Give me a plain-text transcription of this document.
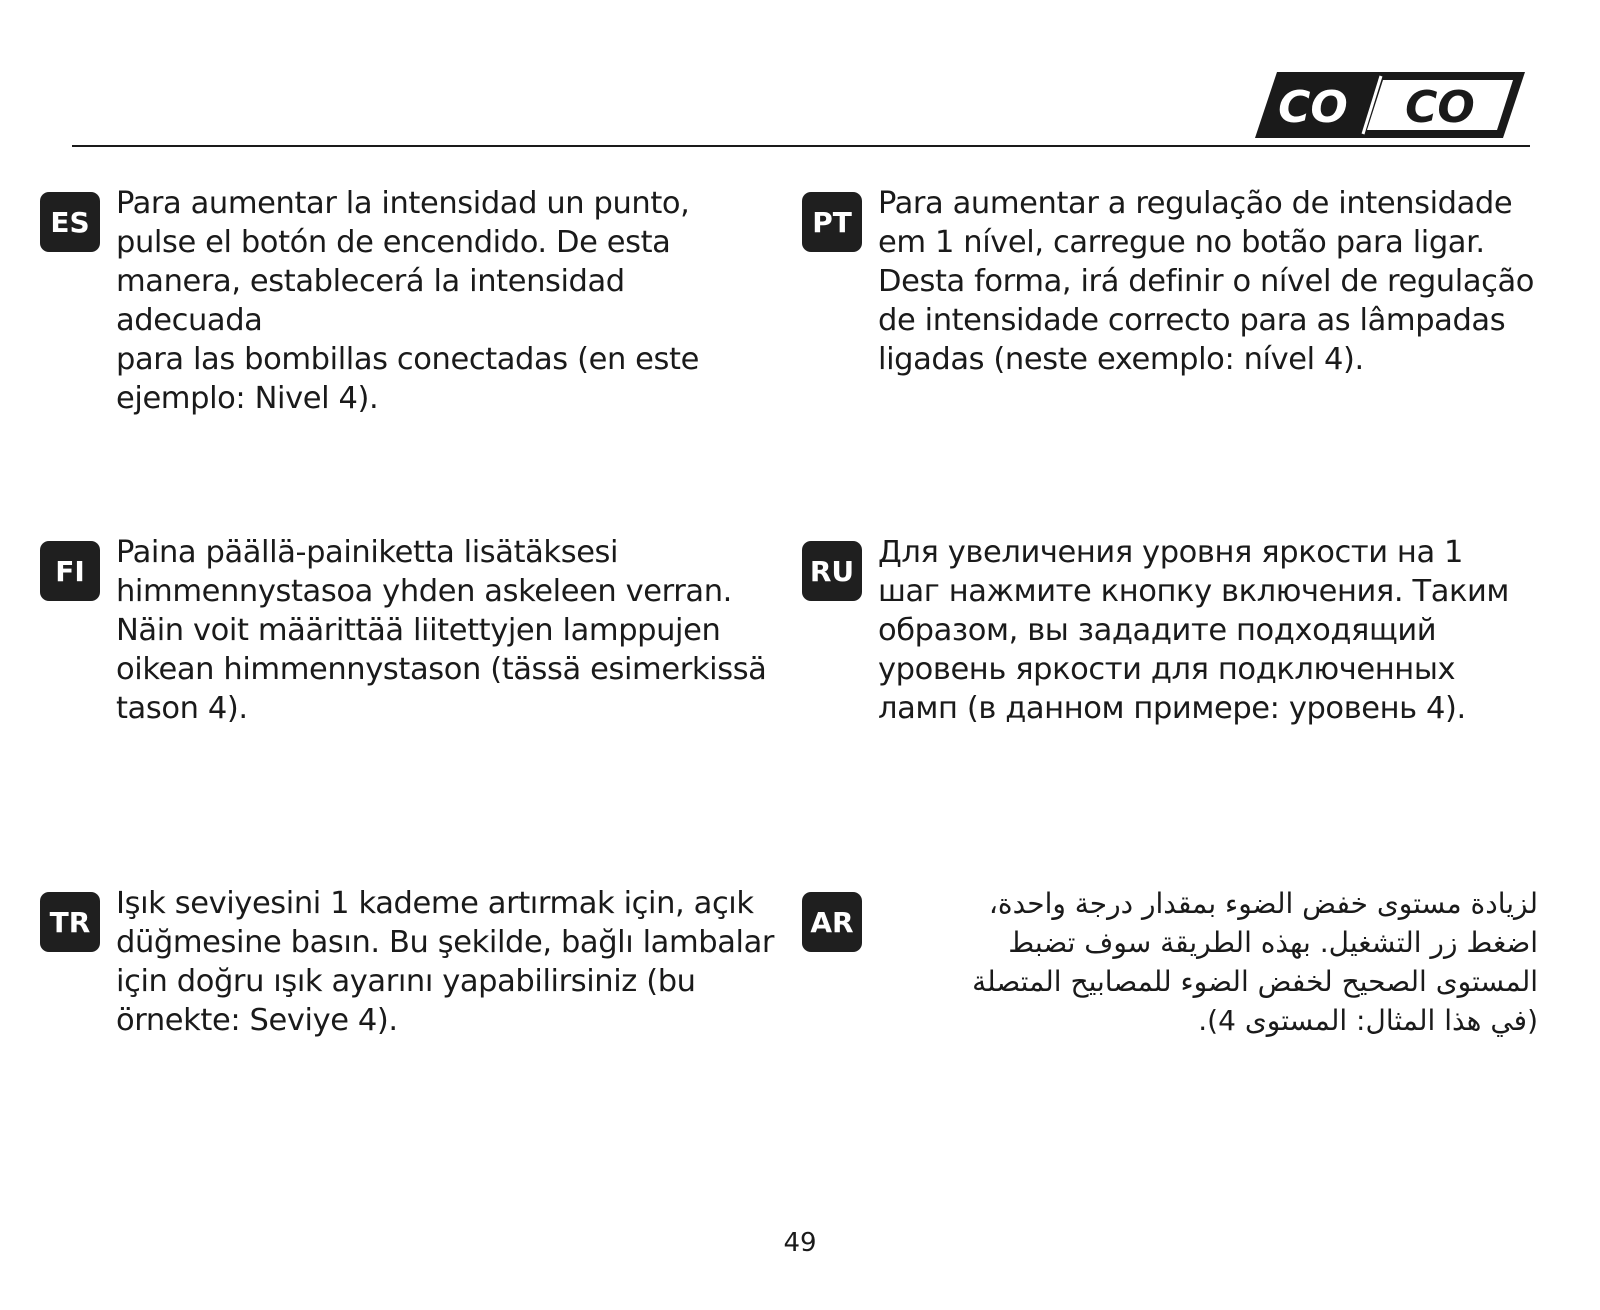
CO CO
ES

Para aumentar la intensidad un punto,
pulse el botón de encendido. De esta
manera, establecerá la intensidad adecuada
para las bombillas conectadas (en este
ejemplo: Nivel 4).

PT

Para aumentar a regulação de intensidade
em 1 nível, carregue no botão para ligar.
Desta forma, irá definir o nível de regulação
de intensidade correcto para as lâmpadas
ligadas (neste exemplo: nível 4).

FI

Paina päällä-painiketta lisätäksesi
himmennystasoa yhden askeleen verran.
Näin voit määrittää liitettyjen lamppujen
oikean himmennystason (tässä esimerkissä
tason 4).

RU

Для увеличения уровня яркости на 1
шаг нажмите кнопку включения. Таким
образом, вы зададите подходящий
уровень яркости для подключенных
ламп (в данном примере: уровень 4).

TR

Işık seviyesini 1 kademe artırmak için, açık
düğmesine basın. Bu şekilde, bağlı lambalar
için doğru ışık ayarını yapabilirsiniz (bu
örnekte: Seviye 4).

AR

لزيادة مستوى خفض الضوء بمقدار درجة واحدة،
اضغط زر التشغيل. بهذه الطريقة سوف تضبط
المستوى الصحيح لخفض الضوء للمصابيح المتصلة
(في هذا المثال: المستوى 4).

49
